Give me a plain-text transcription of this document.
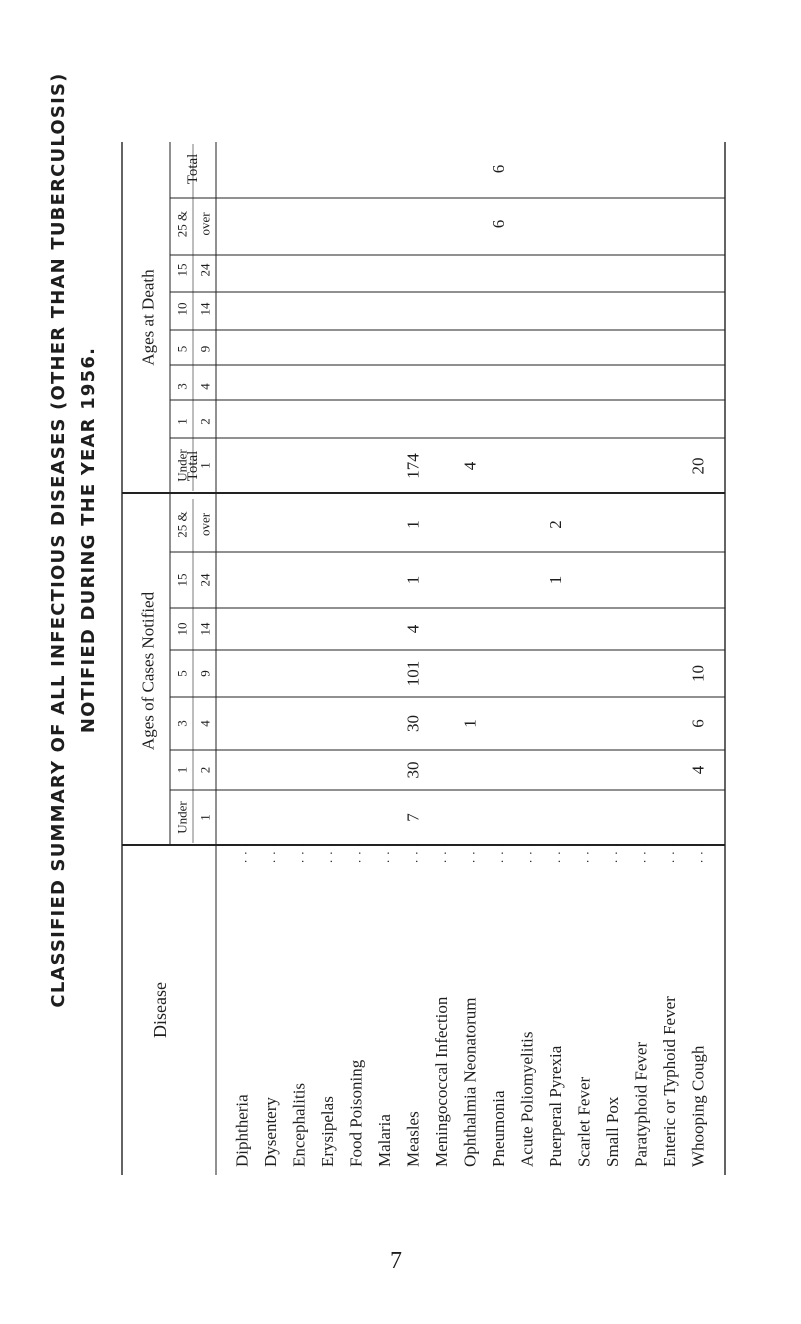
CLASSIFIED SUMMARY OF ALL INFECTIOUS DISEASES (OTHER THAN TUBERCULOSIS) NOTIFIED DURING THE YEAR 1956. Ages of Cases Notified
Ages at Death
Disease
Under 1
1 2
3 4
5 9
10 14
15 24
25 & over
Total
Under 1
1 2
3 4
5 9
10 14
15 24
25 & over
Total
Diphtheria
...
Dysentery
...
Encephalitis
...
Erysipelas
...
Food Poisoning
...
Malaria
...
Measles
...
7
30
30
101
4
1
1
174
Meningococcal Infection
...
Ophthalmia Neonatorum
...
1
4
Pneumonia
...
6
6
Acute Poliomyelitis
...
Puerperal Pyrexia
...
1
2
Scarlet Fever
...
Small Pox
...
Paratyphoid Fever
...
Enteric or Typhoid Fever
...
Whooping Cough
...
4
6
10
20
7
